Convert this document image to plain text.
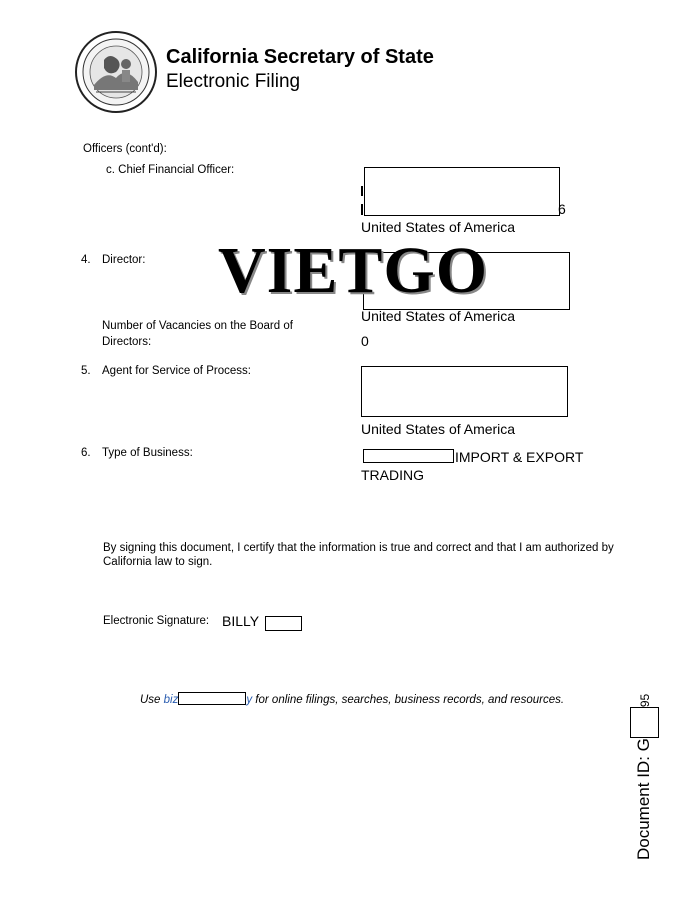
California Secretary of State
Electronic Filing
Officers (cont'd):
c. Chief Financial Officer:
6
United States of America
4. Director: VIETGO
United States of America
Number of Vacancies on the Board of
Directors:	0
5. Agent for Service of Process:
United States of America
6. Type of Business:	IMPORT & EXPORT
TRADING
By signing this document, I certify that the information is true and correct and that I am authorized by
California law to sign.
Electronic Signature: BILLY
Use biz	y for online filings, searches, business records, and resources.
Document ID: G95
